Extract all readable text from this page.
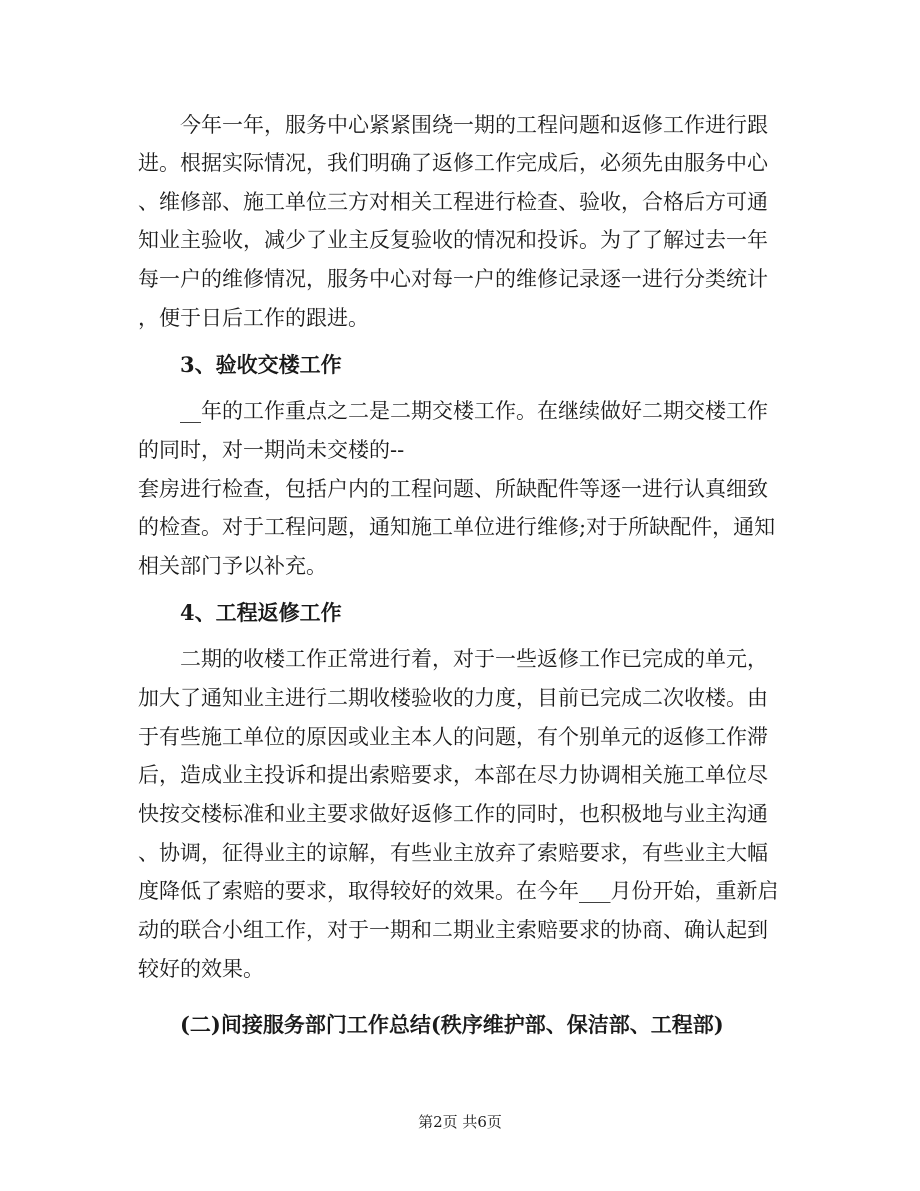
今年一年，服务中心紧紧围绕一期的工程问题和返修工作进行跟
进。根据实际情况，我们明确了返修工作完成后，必须先由服务中心
、维修部、施工单位三方对相关工程进行检查、验收，合格后方可通
知业主验收，减少了业主反复验收的情况和投诉。为了了解过去一年
每一户的维修情况，服务中心对每一户的维修记录逐一进行分类统计
，便于日后工作的跟进。
3、验收交楼工作
__年的工作重点之二是二期交楼工作。在继续做好二期交楼工作
的同时，对一期尚未交楼的--
套房进行检查，包括户内的工程问题、所缺配件等逐一进行认真细致
的检查。对于工程问题，通知施工单位进行维修;对于所缺配件，通知
相关部门予以补充。
4、工程返修工作
二期的收楼工作正常进行着，对于一些返修工作已完成的单元，
加大了通知业主进行二期收楼验收的力度，目前已完成二次收楼。由
于有些施工单位的原因或业主本人的问题，有个别单元的返修工作滞
后，造成业主投诉和提出索赔要求，本部在尽力协调相关施工单位尽
快按交楼标准和业主要求做好返修工作的同时，也积极地与业主沟通
、协调，征得业主的谅解，有些业主放弃了索赔要求，有些业主大幅
度降低了索赔的要求，取得较好的效果。在今年___月份开始，重新启
动的联合小组工作，对于一期和二期业主索赔要求的协商、确认起到
较好的效果。
(二)间接服务部门工作总结(秩序维护部、保洁部、工程部)
第2页 共6页
